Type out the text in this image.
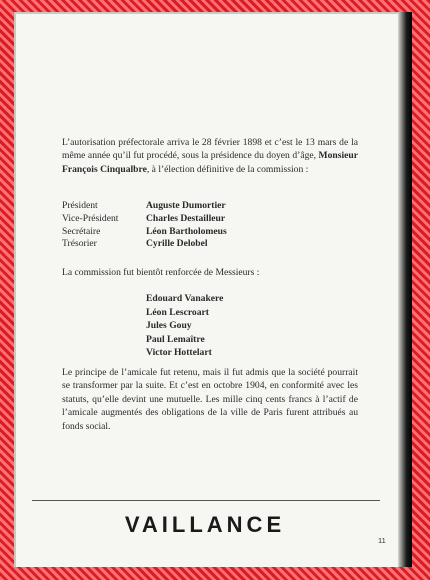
L’autorisation préfectorale arriva le 28 février 1898 et c’est le 13 mars de la même année qu’il fut procédé, sous la présidence du doyen d’âge, Monsieur François Cinqualbre, à l’élection définitive de la commission :

Président	Auguste Dumortier
Vice-Président	Charles Destailleur
Secrétaire	Léon Bartholomeus
Trésorier	Cyrille Delobel

La commission fut bientôt renforcée de Messieurs :

Edouard Vanakere
Léon Lescroart
Jules Gouy
Paul Lemaître
Victor Hottelart

Le principe de l’amicale fut retenu, mais il fut admis que la société pourrait se transformer par la suite. Et c’est en octobre 1904, en conformité avec les statuts, qu’elle devint une mutuelle. Les mille cinq cents francs à l’actif de l’amicale augmentés des obligations de la ville de Paris furent attribués au fonds social.

VAILLANCE
11
